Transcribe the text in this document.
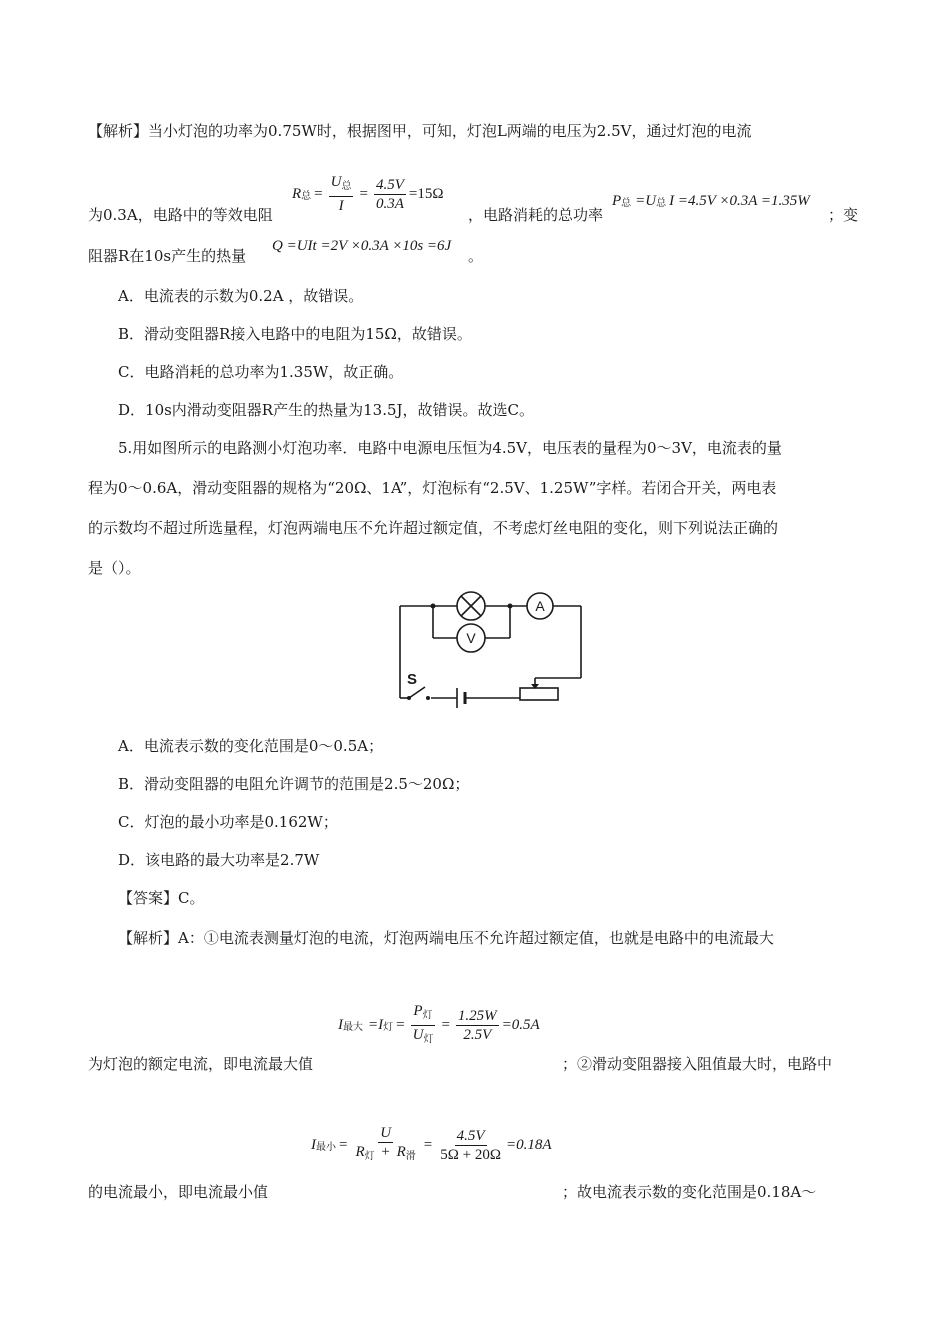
【解析】当小灯泡的功率为0.75W时，根据图甲，可知，灯泡L两端的电压为2.5V，通过灯泡的电流
R 总 = $\frac{U_总}{I} = \frac{4.5V}{0.3A} =15\Omega$
为0.3A，电路中的等效电阻	，电路消耗的总功率
P 总 =U 总 I =4.5V ×0.3A =1.35W
；变
阻器R在10s产生的热量
Q =UIt =2V ×0.3A ×10s =6J
。
A．电流表的示数为0.2A ，故错误。
B．滑动变阻器R接入电路中的电阻为15Ω，故错误。
C．电路消耗的总功率为1.35W，故正确。
D．10s内滑动变阻器R产生的热量为13.5J，故错误。故选C。
5.用如图所示的电路测小灯泡功率．电路中电源电压恒为4.5V，电压表的量程为0～3V，电流表的量
程为0～0.6A，滑动变阻器的规格为“20Ω、1A”，灯泡标有“2.5V、1.25W”字样。若闭合开关，两电表
的示数均不超过所选量程，灯泡两端电压不允许超过额定值，不考虑灯丝电阻的变化，则下列说法正确的
是（）。
V
A
S
A．电流表示数的变化范围是0～0.5A；
B．滑动变阻器的电阻允许调节的范围是2.5～20Ω；
C．灯泡的最小功率是0.162W；
D．该电路的最大功率是2.7W
【答案】C。
【解析】A：①电流表测量灯泡的电流，灯泡两端电压不允许超过额定值，也就是电路中的电流最大
I 最大 =I 灯 = $\frac{P_灯}{U_灯} = \frac{1.25W}{2.5V} =0.5A$
为灯泡的额定电流，即电流最大值	；②滑动变阻器接入阻值最大时，电路中
I 最小 = $\frac{U}{R_灯 + R_滑} = \frac{4.5V}{5\Omega + 20\Omega} =0.18A$
的电流最小，即电流最小值	；故电流表示数的变化范围是0.18A～
